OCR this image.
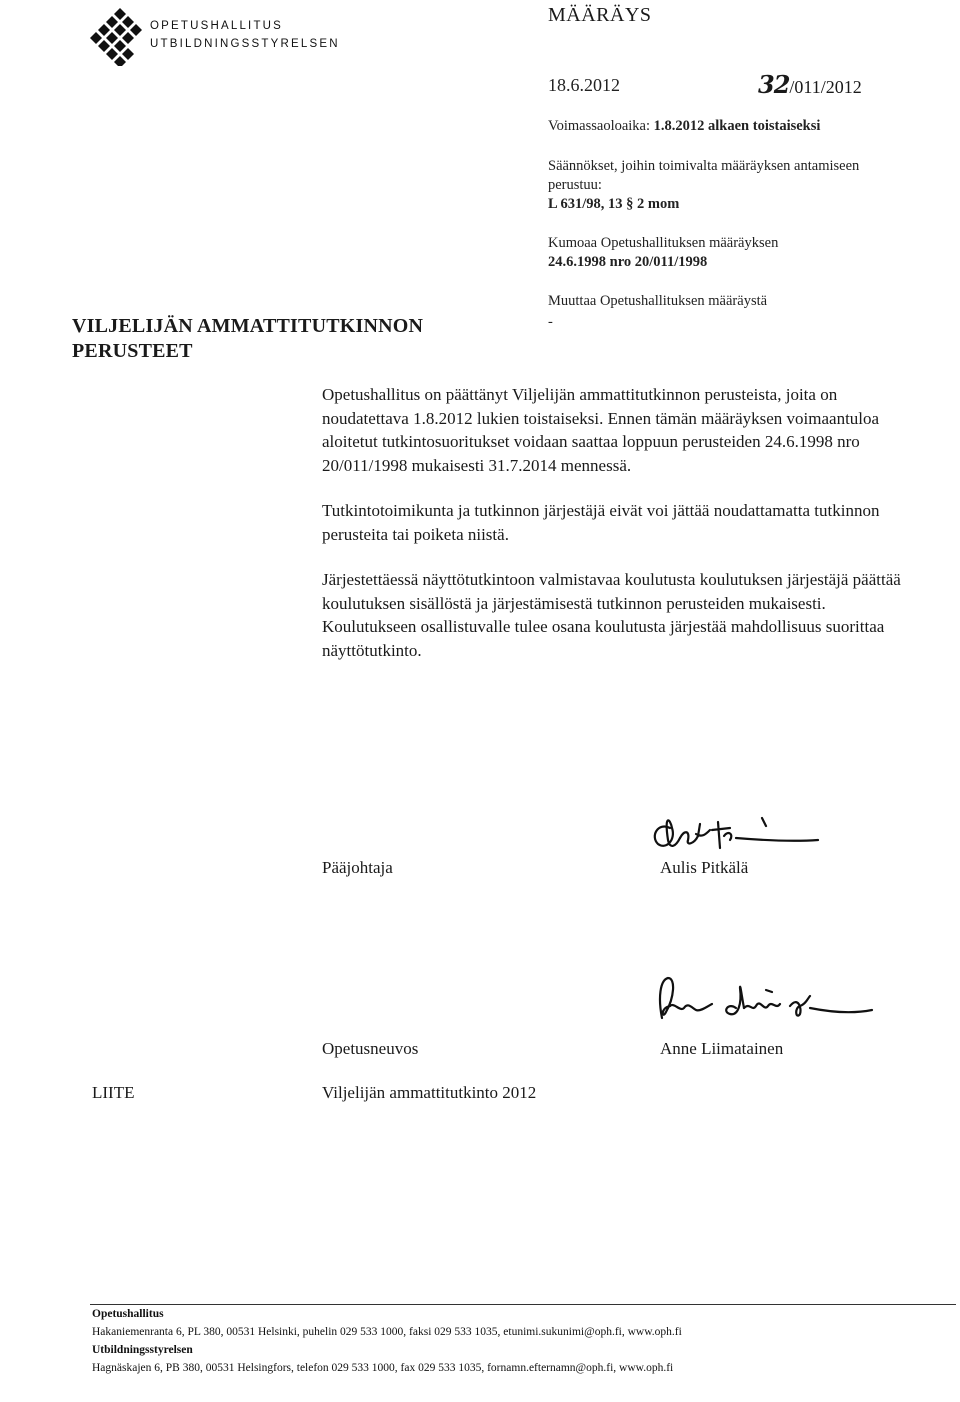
OPETUSHALLITUS
UTBILDNINGSSTYRELSEN
MÄÄRÄYS
18.6.2012	32/011/2012
Voimassaoloaika: 1.8.2012 alkaen toistaiseksi
Säännökset, joihin toimivalta määräyksen antamiseen
perustuu:
L 631/98, 13 § 2 mom
Kumoaa Opetushallituksen määräyksen
24.6.1998 nro 20/011/1998
Muuttaa Opetushallituksen määräystä
-
VILJELIJÄN AMMATTITUTKINNON
PERUSTEET

Opetushallitus on päättänyt Viljelijän ammattitutkinnon perusteista, joita on noudatettava 1.8.2012 lukien toistaiseksi. Ennen tämän määräyksen voimaantuloa aloitetut tutkintosuoritukset voidaan saattaa loppuun perusteiden 24.6.1998 nro 20/011/1998 mukaisesti 31.7.2014 mennessä.

Tutkintotoimikunta ja tutkinnon järjestäjä eivät voi jättää noudattamatta tutkinnon perusteita tai poiketa niistä.

Järjestettäessä näyttötutkintoon valmistavaa koulutusta koulutuksen järjestäjä päättää koulutuksen sisällöstä ja järjestämisestä tutkinnon perusteiden mukaisesti. Koulutukseen osallistuvalle tulee osana koulutusta järjestää mahdollisuus suorittaa näyttötutkinto.

Pääjohtaja	Aulis Pitkälä
Opetusneuvos	Anne Liimatainen
LIITE	Viljelijän ammattitutkinto 2012
Opetushallitus
Hakaniemenranta 6, PL 380, 00531 Helsinki, puhelin 029 533 1000, faksi 029 533 1035, etunimi.sukunimi@oph.fi, www.oph.fi
Utbildningsstyrelsen
Hagnäskajen 6, PB 380, 00531 Helsingfors, telefon 029 533 1000, fax 029 533 1035, fornamn.efternamn@oph.fi, www.oph.fi
